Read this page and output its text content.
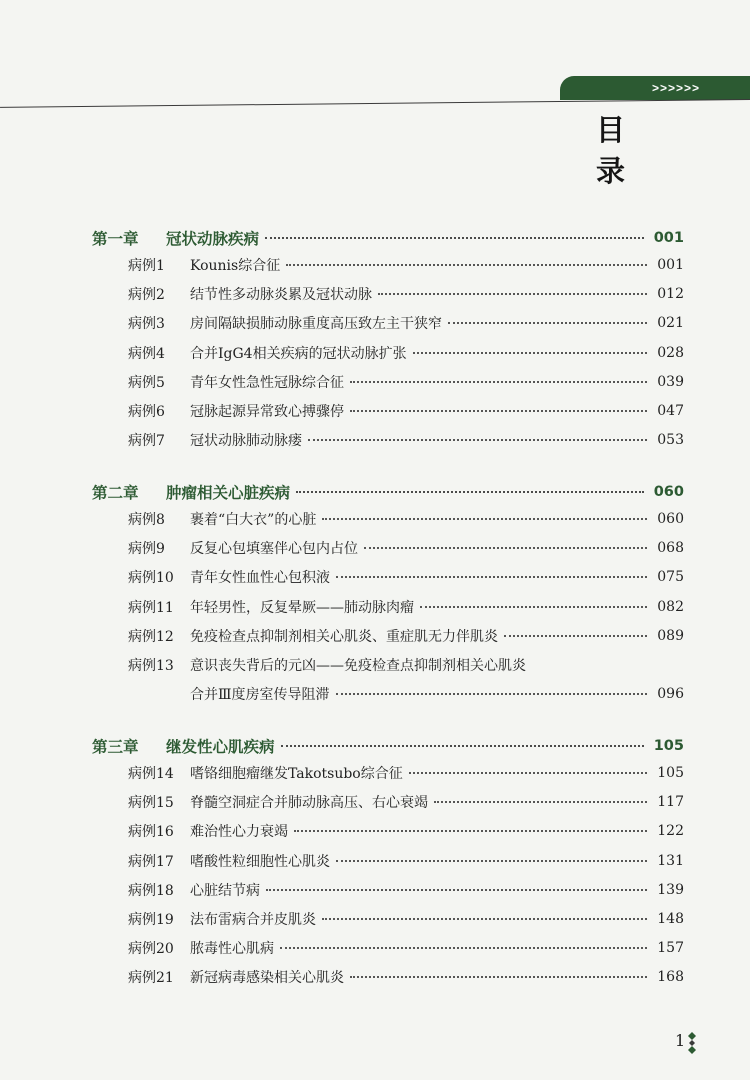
>>>>>>
目 录
第一章 冠状动脉疾病	001
病例1 Kounis综合征	001
病例2 结节性多动脉炎累及冠状动脉	012
病例3 房间隔缺损肺动脉重度高压致左主干狭窄	021
病例4 合并IgG4相关疾病的冠状动脉扩张	028
病例5 青年女性急性冠脉综合征	039
病例6 冠脉起源异常致心搏骤停	047
病例7 冠状动脉肺动脉瘘	053
第二章 肿瘤相关心脏疾病	060
病例8 裹着“白大衣”的心脏	060
病例9 反复心包填塞伴心包内占位	068
病例10 青年女性血性心包积液	075
病例11 年轻男性，反复晕厥——肺动脉肉瘤	082
病例12 免疫检查点抑制剂相关心肌炎、重症肌无力伴肌炎	089
病例13 意识丧失背后的元凶——免疫检查点抑制剂相关心肌炎
合并Ⅲ度房室传导阻滞	096
第三章 继发性心肌疾病	105
病例14 嗜铬细胞瘤继发Takotsubo综合征	105
病例15 脊髓空洞症合并肺动脉高压、右心衰竭	117
病例16 难治性心力衰竭	122
病例17 嗜酸性粒细胞性心肌炎	131
病例18 心脏结节病	139
病例19 法布雷病合并皮肌炎	148
病例20 脓毒性心肌病	157
病例21 新冠病毒感染相关心肌炎	168
1
